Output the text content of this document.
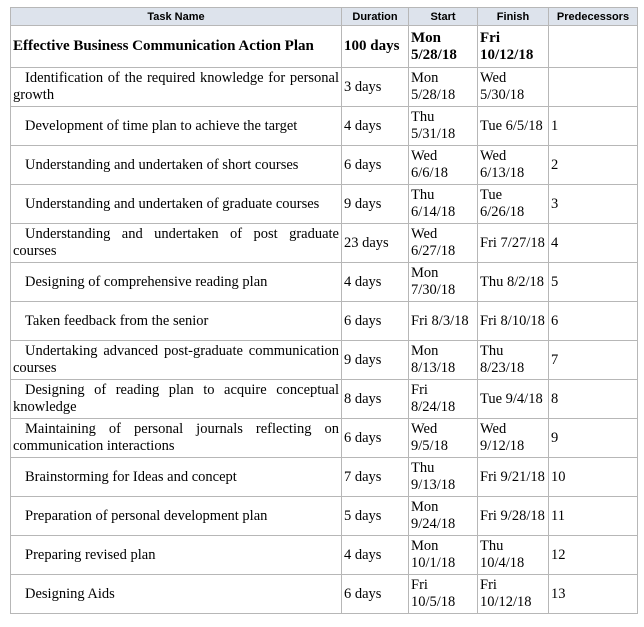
Task Name	Duration	Start	Finish	Predecessors
Effective Business Communication Action Plan	100 days	Mon 5/28/18	Fri 10/12/18	
Identification of the required knowledge for personal growth	3 days	Mon 5/28/18	Wed 5/30/18	
Development of time plan to achieve the target	4 days	Thu 5/31/18	Tue 6/5/18	1
Understanding and undertaken of short courses	6 days	Wed 6/6/18	Wed 6/13/18	2
Understanding and undertaken of graduate courses	9 days	Thu 6/14/18	Tue 6/26/18	3
Understanding and undertaken of post graduate courses	23 days	Wed 6/27/18	Fri 7/27/18	4
Designing of comprehensive reading plan	4 days	Mon 7/30/18	Thu 8/2/18	5
Taken feedback from the senior	6 days	Fri 8/3/18	Fri 8/10/18	6
Undertaking advanced post-graduate communication courses	9 days	Mon 8/13/18	Thu 8/23/18	7
Designing of reading plan to acquire conceptual knowledge	8 days	Fri 8/24/18	Tue 9/4/18	8
Maintaining of personal journals reflecting on communication interactions	6 days	Wed 9/5/18	Wed 9/12/18	9
Brainstorming for Ideas and concept	7 days	Thu 9/13/18	Fri 9/21/18	10
Preparation of personal development plan	5 days	Mon 9/24/18	Fri 9/28/18	11
Preparing revised plan	4 days	Mon 10/1/18	Thu 10/4/18	12
Designing Aids	6 days	Fri 10/5/18	Fri 10/12/18	13
